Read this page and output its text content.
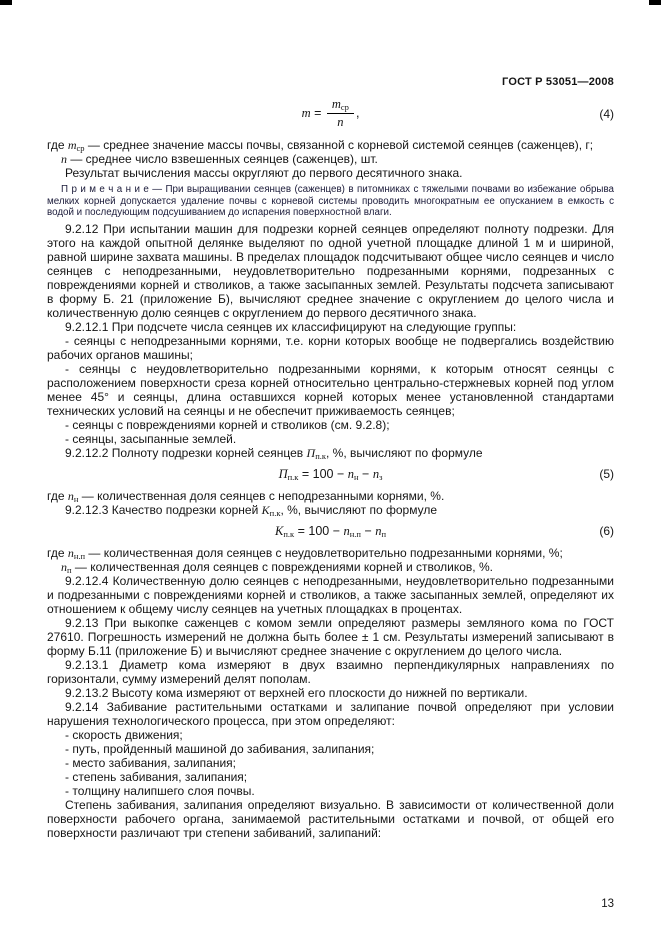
ГОСТ Р 53051—2008
$m = \frac{m_{ср}}{n}$ ,	(4)

где $m_{ср}$ — среднее значение массы почвы, связанной с корневой системой сеянцев (саженцев), г;

n — среднее число взвешенных сеянцев (саженцев), шт.

Результат вычисления массы округляют до первого десятичного знака.

П р и м е ч а н и е — При выращивании сеянцев (саженцев) в питомниках с тяжелыми почвами во избежание обрыва мелких корней допускается удаление почвы с корневой системы проводить многократным ее опусканием в емкость с водой и последующим подсушиванием до испарения поверхностной влаги.

9.2.12 При испытании машин для подрезки корней сеянцев определяют полноту подрезки. Для этого на каждой опытной делянке выделяют по одной учетной площадке длиной 1 м и шириной, равной ширине захвата машины. В пределах площадок подсчитывают общее число сеянцев и число сеянцев с неподрезанными, неудовлетворительно подрезанными корнями, подрезанных с повреждениями корней и стволиков, а также засыпанных землей. Результаты подсчета записывают в форму Б. 21 (приложение Б), вычисляют среднее значение с округлением до целого числа и количественную долю сеянцев с округлением до первого десятичного знака.

9.2.12.1 При подсчете числа сеянцев их классифицируют на следующие группы:

- сеянцы с неподрезанными корнями, т.е. корни которых вообще не подвергались воздействию рабочих органов машины;

- сеянцы с неудовлетворительно подрезанными корнями, к которым относят сеянцы с расположением поверхности среза корней относительно центрально-стержневых корней под углом менее 45° и сеянцы, длина оставшихся корней которых менее установленной стандартами технических условий на сеянцы и не обеспечит приживаемость сеянцев;

- сеянцы с повреждениями корней и стволиков (см. 9.2.8);

- сеянцы, засыпанные землей.

9.2.12.2 Полноту подрезки корней сеянцев $П_{п.к}$, %, вычисляют по формуле

$П_{п.к} = 100 - n_н - n_з$	(5)

где $n_н$ — количественная доля сеянцев с неподрезанными корнями, %.

9.2.12.3 Качество подрезки корней $K_{п.к}$, %, вычисляют по формуле

$K_{п.к} = 100 - n_{н.п} - n_п$	(6)

где $n_{н.п}$ — количественная доля сеянцев с неудовлетворительно подрезанными корнями, %;

$n_п$ — количественная доля сеянцев с повреждениями корней и стволиков, %.

9.2.12.4 Количественную долю сеянцев с неподрезанными, неудовлетворительно подрезанными и подрезанными с повреждениями корней и стволиков, а также засыпанных землей, определяют их отношением к общему числу сеянцев на учетных площадках в процентах.

9.2.13 При выкопке саженцев с комом земли определяют размеры земляного кома по ГОСТ 27610. Погрешность измерений не должна быть более ± 1 см. Результаты измерений записывают в форму Б.11 (приложение Б) и вычисляют среднее значение с округлением до целого числа.

9.2.13.1 Диаметр кома измеряют в двух взаимно перпендикулярных направлениях по горизонтали, сумму измерений делят пополам.

9.2.13.2 Высоту кома измеряют от верхней его плоскости до нижней по вертикали.

9.2.14 Забивание растительными остатками и залипание почвой определяют при условии нарушения технологического процесса, при этом определяют:

- скорость движения;

- путь, пройденный машиной до забивания, залипания;

- место забивания, залипания;

- степень забивания, залипания;

- толщину налипшего слоя почвы.

Степень забивания, залипания определяют визуально. В зависимости от количественной доли поверхности рабочего органа, занимаемой растительными остатками и почвой, от общей его поверхности различают три степени забиваний, залипаний:

13
